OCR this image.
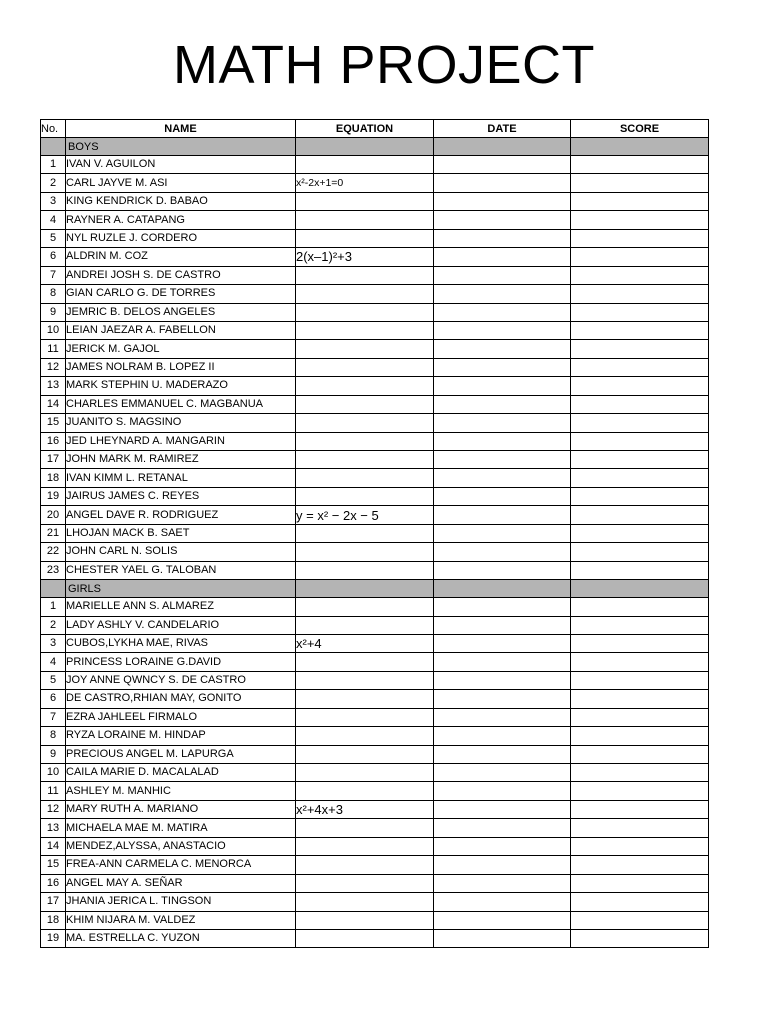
MATH PROJECT
No.	NAME	EQUATION	DATE	SCORE
	BOYS			
1	IVAN V. AGUILON			
2	CARL JAYVE M. ASI	x²-2x+1=0		
3	KING KENDRICK D. BABAO			
4	RAYNER A. CATAPANG			
5	NYL RUZLE J. CORDERO			
6	ALDRIN M. COZ	2(x–1)²+3		
7	ANDREI JOSH S. DE CASTRO			
8	GIAN CARLO G. DE TORRES			
9	JEMRIC B. DELOS ANGELES			
10	LEIAN JAEZAR A. FABELLON			
11	JERICK M. GAJOL			
12	JAMES NOLRAM B. LOPEZ II			
13	MARK STEPHIN U. MADERAZO			
14	CHARLES EMMANUEL C. MAGBANUA			
15	JUANITO S. MAGSINO			
16	JED LHEYNARD A. MANGARIN			
17	JOHN MARK M. RAMIREZ			
18	IVAN KIMM L. RETANAL			
19	JAIRUS JAMES C. REYES			
20	ANGEL DAVE R. RODRIGUEZ	y = x² − 2x − 5		
21	LHOJAN MACK B. SAET			
22	JOHN CARL N. SOLIS			
23	CHESTER YAEL G. TALOBAN			
	GIRLS			
1	MARIELLE ANN S. ALMAREZ			
2	LADY ASHLY V. CANDELARIO			
3	CUBOS,LYKHA MAE, RIVAS	x²+4		
4	PRINCESS LORAINE G.DAVID			
5	JOY ANNE QWNCY S. DE CASTRO			
6	DE CASTRO,RHIAN MAY, GONITO			
7	EZRA JAHLEEL FIRMALO			
8	RYZA LORAINE M. HINDAP			
9	PRECIOUS ANGEL M. LAPURGA			
10	CAILA MARIE D. MACALALAD			
11	ASHLEY M. MANHIC			
12	MARY RUTH A. MARIANO	x²+4x+3		
13	MICHAELA MAE M. MATIRA			
14	MENDEZ,ALYSSA, ANASTACIO			
15	FREA-ANN CARMELA C. MENORCA			
16	ANGEL MAY A. SEÑAR			
17	JHANIA JERICA L. TINGSON			
18	KHIM NIJARA M. VALDEZ			
19	MA. ESTRELLA C. YUZON			
